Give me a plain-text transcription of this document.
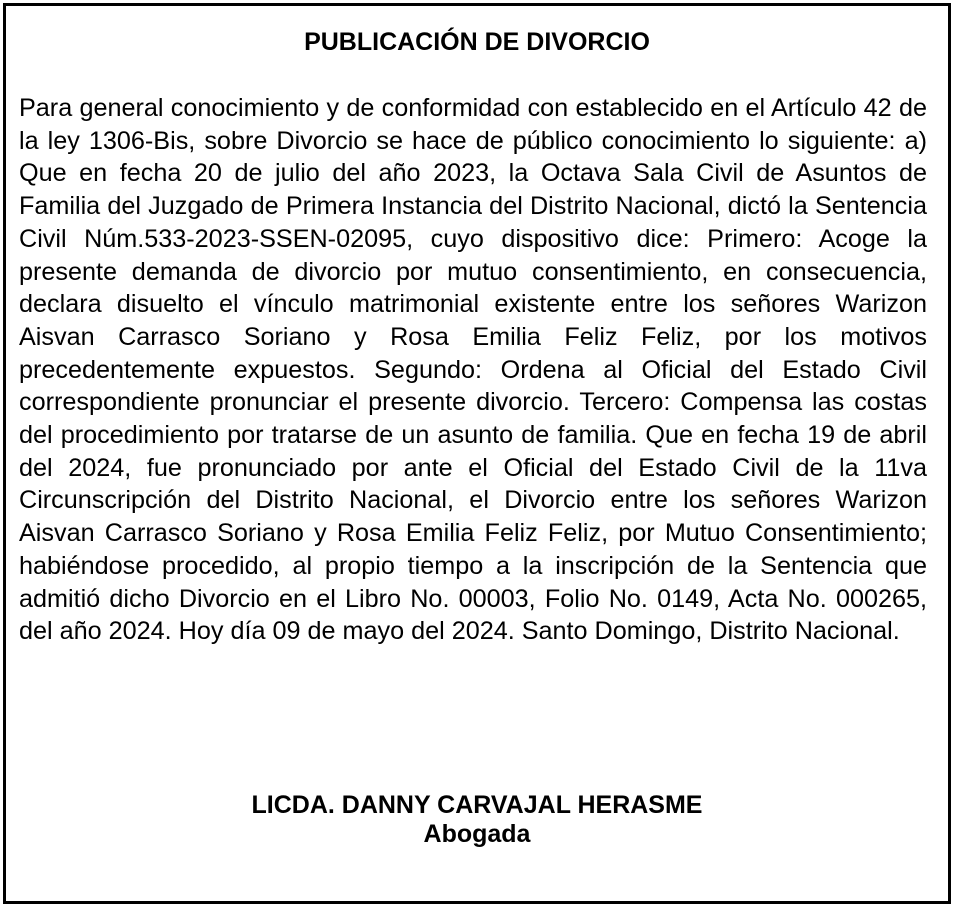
PUBLICACIÓN DE DIVORCIO

Para general conocimiento y de conformidad con establecido en el Artículo 42 de la ley 1306-Bis, sobre Divorcio se hace de público conocimiento lo siguiente: a) Que en fecha 20 de julio del año 2023, la Octava Sala Civil de Asuntos de Familia del Juzgado de Primera Instancia del Distrito Nacional, dictó la Sentencia Civil Núm.533-2023-SSEN-02095, cuyo dispositivo dice: Primero: Acoge la presente demanda de divorcio por mutuo consentimiento, en consecuencia, declara disuelto el vínculo matrimonial existente entre los señores Warizon Aisvan Carrasco Soriano y Rosa Emilia Feliz Feliz, por los motivos precedentemente expuestos. Segundo: Ordena al Oficial del Estado Civil correspondiente pronunciar el presente divorcio. Tercero: Compensa las costas del procedimiento por tratarse de un asunto de familia. Que en fecha 19 de abril del 2024, fue pronunciado por ante el Oficial del Estado Civil de la 11va Circunscripción del Distrito Nacional, el Divorcio entre los señores Warizon Aisvan Carrasco Soriano y Rosa Emilia Feliz Feliz, por Mutuo Consentimiento; habiéndose procedido, al propio tiempo a la inscripción de la Sentencia que admitió dicho Divorcio en el Libro No. 00003, Folio No. 0149, Acta No. 000265, del año 2024. Hoy día 09 de mayo del 2024. Santo Domingo, Distrito Nacional.

LICDA. DANNY CARVAJAL HERASME
Abogada
